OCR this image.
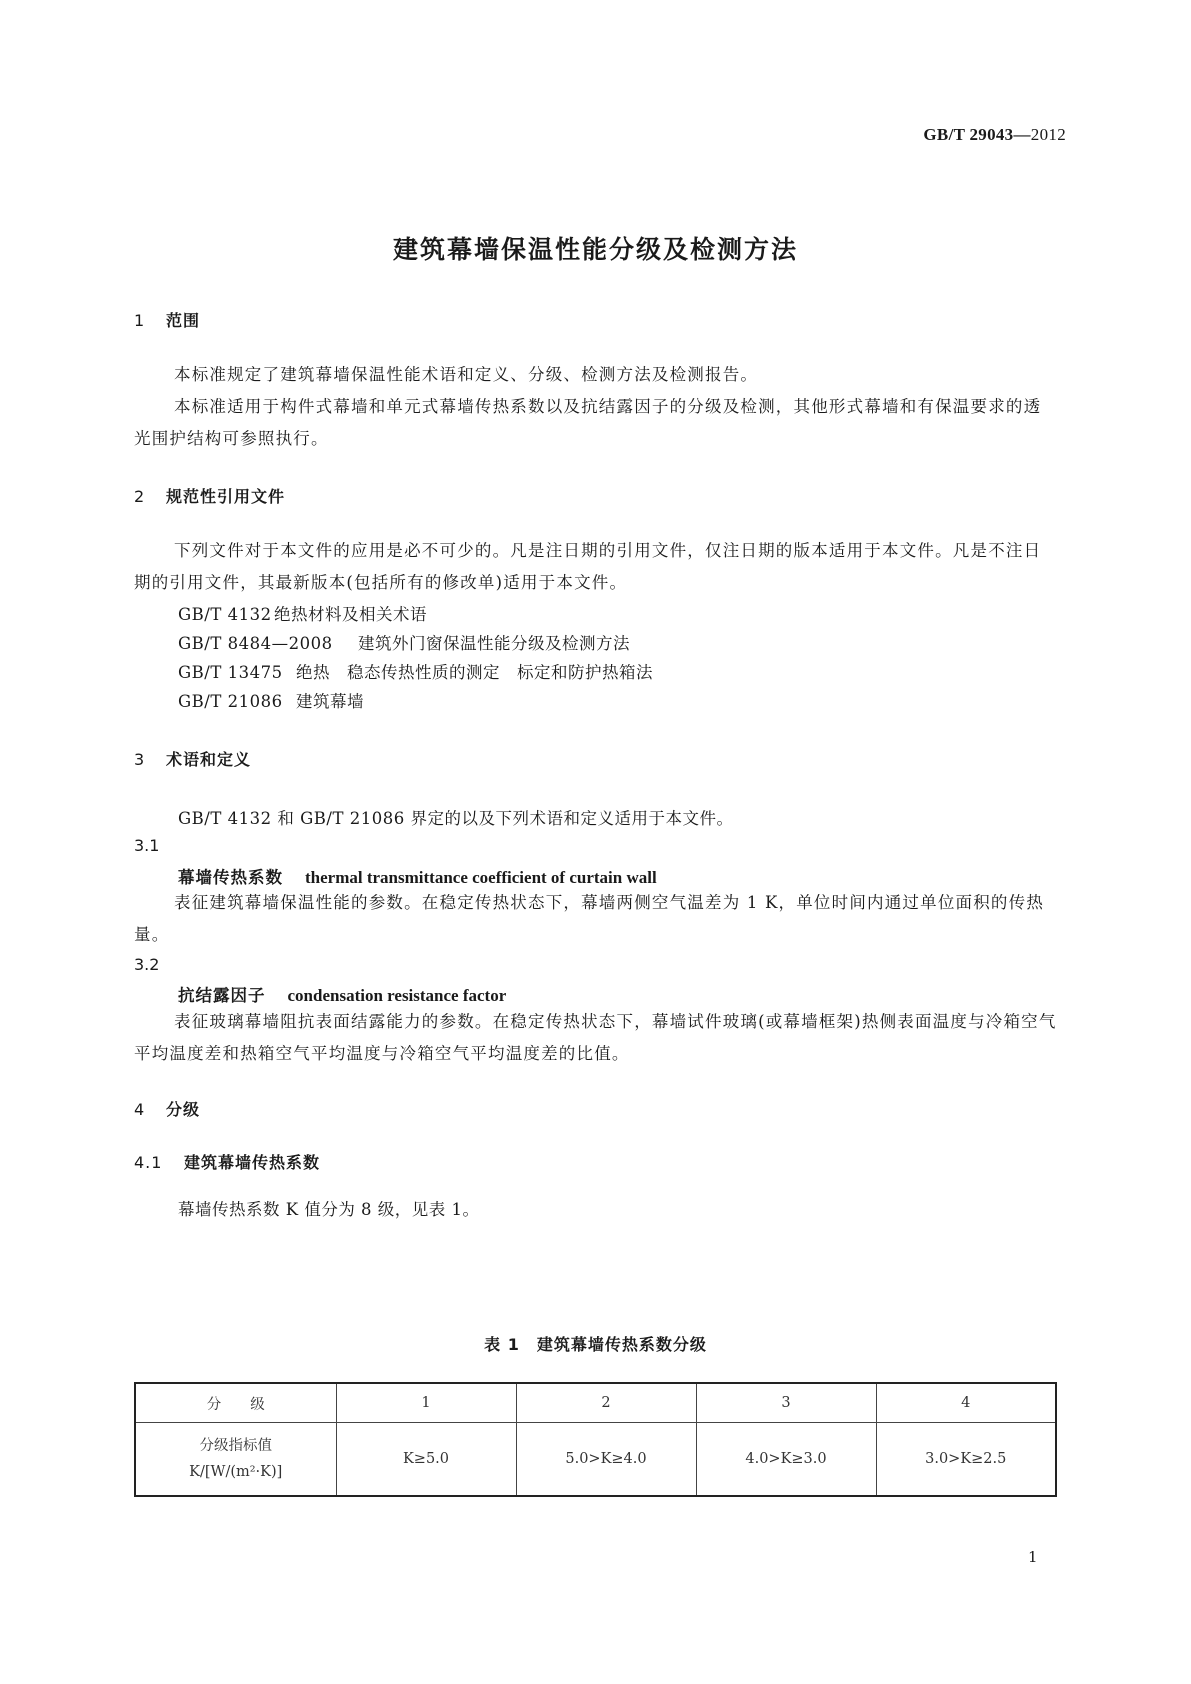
GB/T 29043—2012
建筑幕墙保温性能分级及检测方法
1 范围
本标准规定了建筑幕墙保温性能术语和定义、分级、检测方法及检测报告。
本标准适用于构件式幕墙和单元式幕墙传热系数以及抗结露因子的分级及检测，其他形式幕墙和有保温要求的透光围护结构可参照执行。
2 规范性引用文件
下列文件对于本文件的应用是必不可少的。凡是注日期的引用文件，仅注日期的版本适用于本文件。凡是不注日期的引用文件，其最新版本(包括所有的修改单)适用于本文件。
GB/T 4132 绝热材料及相关术语
GB/T 8484—2008 建筑外门窗保温性能分级及检测方法
GB/T 13475 绝热　稳态传热性质的测定　标定和防护热箱法
GB/T 21086 建筑幕墙
3 术语和定义
GB/T 4132 和 GB/T 21086 界定的以及下列术语和定义适用于本文件。
3.1
幕墙传热系数 thermal transmittance coefficient of curtain wall
表征建筑幕墙保温性能的参数。在稳定传热状态下，幕墙两侧空气温差为 1 K，单位时间内通过单位面积的传热量。
3.2
抗结露因子 condensation resistance factor
表征玻璃幕墙阻抗表面结露能力的参数。在稳定传热状态下，幕墙试件玻璃(或幕墙框架)热侧表面温度与冷箱空气平均温度差和热箱空气平均温度与冷箱空气平均温度差的比值。
4 分级
4.1 建筑幕墙传热系数
幕墙传热系数 K 值分为 8 级，见表 1。
表 1　建筑幕墙传热系数分级
分　　级	1	2	3	4

分级指标值
K/[W/(m²·K)]	K≥5.0	5.0>K≥4.0	4.0>K≥3.0	3.0>K≥2.5
1
